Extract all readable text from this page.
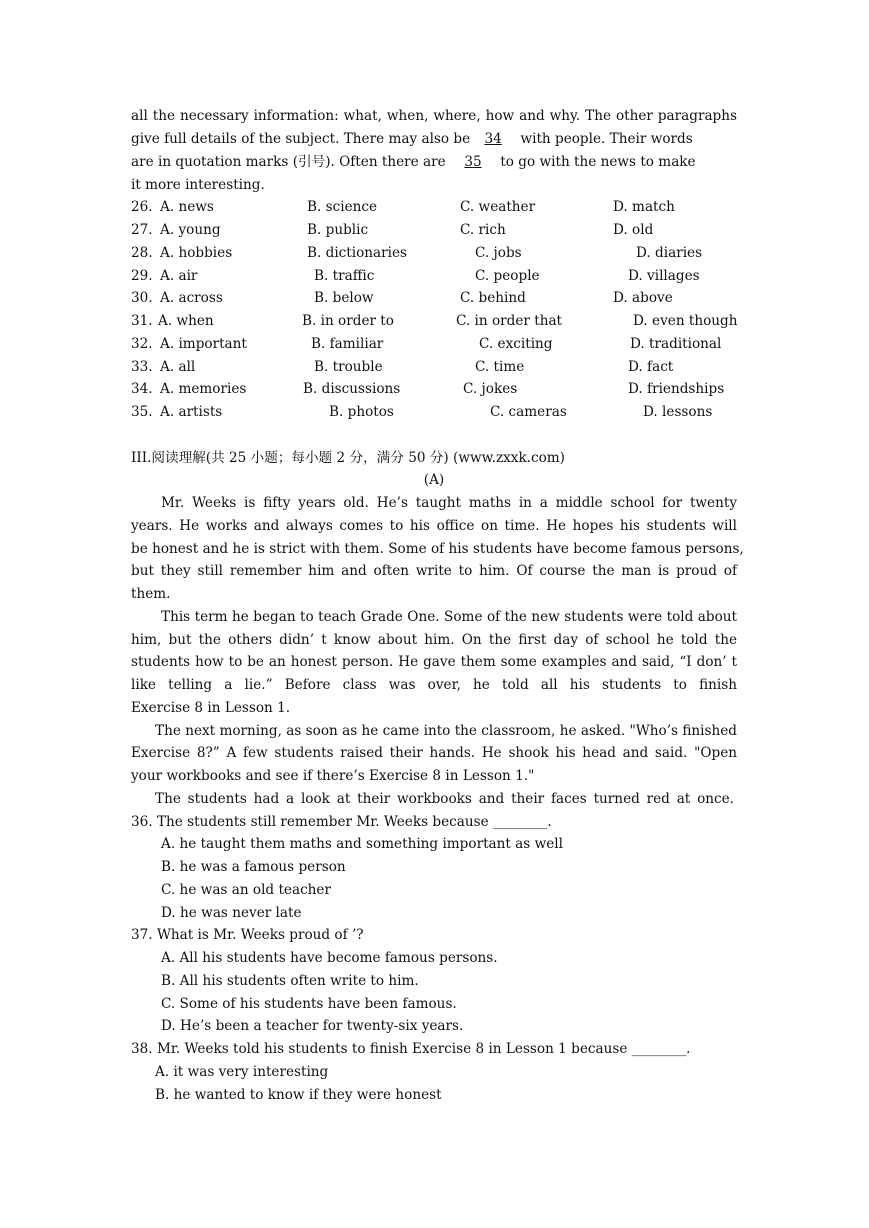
all the necessary information: what, when, where, how and why. The other paragraphs
give full details of the subject. There may also be 34 with people. Their words
are in quotation marks (引号). Often there are 35 to go with the news to make
it more interesting.
26. A. news	B. science	C. weather	D. match
27. A. young	B. public	C. rich	D. old
28. A. hobbies	B. dictionaries	C. jobs	D. diaries
29. A. air	B. traffic	C. people	D. villages
30. A. across	B. below	C. behind	D. above
31. A. when	B. in order to	C. in order that	D. even though
32. A. important	B. familiar	C. exciting	D. traditional
33. A. all	B. trouble	C. time	D. fact
34. A. memories	B. discussions	C. jokes	D. friendships
35. A. artists	B. photos	C. cameras	D. lessons
III.阅读理解(共 25 小题；每小题 2 分，满分 50 分) (www.zxxk.com)
(A)
Mr. Weeks is fifty years old. He’s taught maths in a middle school for twenty
years. He works and always comes to his office on time. He hopes his students will
be honest and he is strict with them. Some of his students have become famous persons,
but they still remember him and often write to him. Of course the man is proud of
them.
This term he began to teach Grade One. Some of the new students were told about
him, but the others didn’ t know about him. On the first day of school he told the
students how to be an honest person. He gave them some examples and said, “I don’ t
like telling a lie.” Before class was over, he told all his students to finish
Exercise 8 in Lesson 1.
The next morning, as soon as he came into the classroom, he asked. "Who’s finished
Exercise 8?” A few students raised their hands. He shook his head and said. "Open
your workbooks and see if there’s Exercise 8 in Lesson 1."
The students had a look at their workbooks and their faces turned red at once.
36. The students still remember Mr. Weeks because ________.
A. he taught them maths and something important as well
B. he was a famous person
C. he was an old teacher
D. he was never late
37. What is Mr. Weeks proud of ’?
A. All his students have become famous persons.
B. All his students often write to him.
C. Some of his students have been famous.
D. He’s been a teacher for twenty-six years.
38. Mr. Weeks told his students to finish Exercise 8 in Lesson 1 because ________.
A. it was very interesting
B. he wanted to know if they were honest
